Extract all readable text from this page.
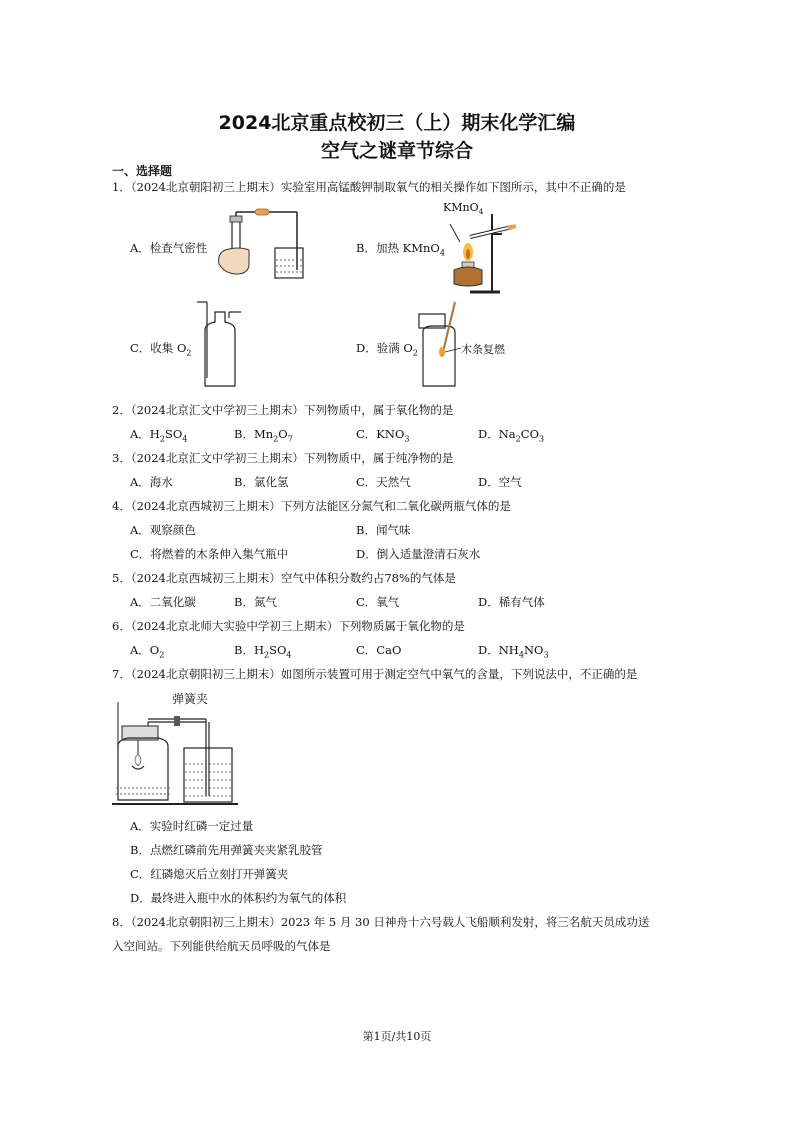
2024北京重点校初三（上）期末化学汇编
空气之谜章节综合
一、选择题
1．（2024北京朝阳初三上期末）实验室用高锰酸钾制取氧气的相关操作如下图所示，其中不正确的是
A．检查气密性	B．加热 KMnO$_4$
C．收集 $O_2$	D．验满 $O_2$
KMnO$_4$
木条复燃
2．（2024北京汇文中学初三上期末）下列物质中，属于氧化物的是
A．$H_2SO_4$	B．$Mn_2O_7$	C．$KNO_3$	D．$Na_2CO_3$
3．（2024北京汇文中学初三上期末）下列物质中，属于纯净物的是
A．海水	B．氯化氢	C．天然气	D．空气
4．（2024北京西城初三上期末）下列方法能区分氮气和二氧化碳两瓶气体的是
A．观察颜色	B．闻气味
C．将燃着的木条伸入集气瓶中	D．倒入适量澄清石灰水
5．（2024北京西城初三上期末）空气中体积分数约占78%的气体是
A．二氧化碳	B．氮气	C．氧气	D．稀有气体
6．（2024北京北师大实验中学初三上期末）下列物质属于氧化物的是
A．$O_2$	B．$H_2SO_4$	C．CaO	D．$NH_4NO_3$
7．（2024北京朝阳初三上期末）如图所示装置可用于测定空气中氧气的含量，下列说法中，不正确的是
弹簧夹
A．实验时红磷一定过量
B．点燃红磷前先用弹簧夹夹紧乳胶管
C．红磷熄灭后立刻打开弹簧夹
D．最终进入瓶中水的体积约为氧气的体积
8．（2024北京朝阳初三上期末）2023 年 5 月 30 日神舟十六号载人飞船顺利发射，将三名航天员成功送
入空间站。下列能供给航天员呼吸的气体是
第1页/共10页
